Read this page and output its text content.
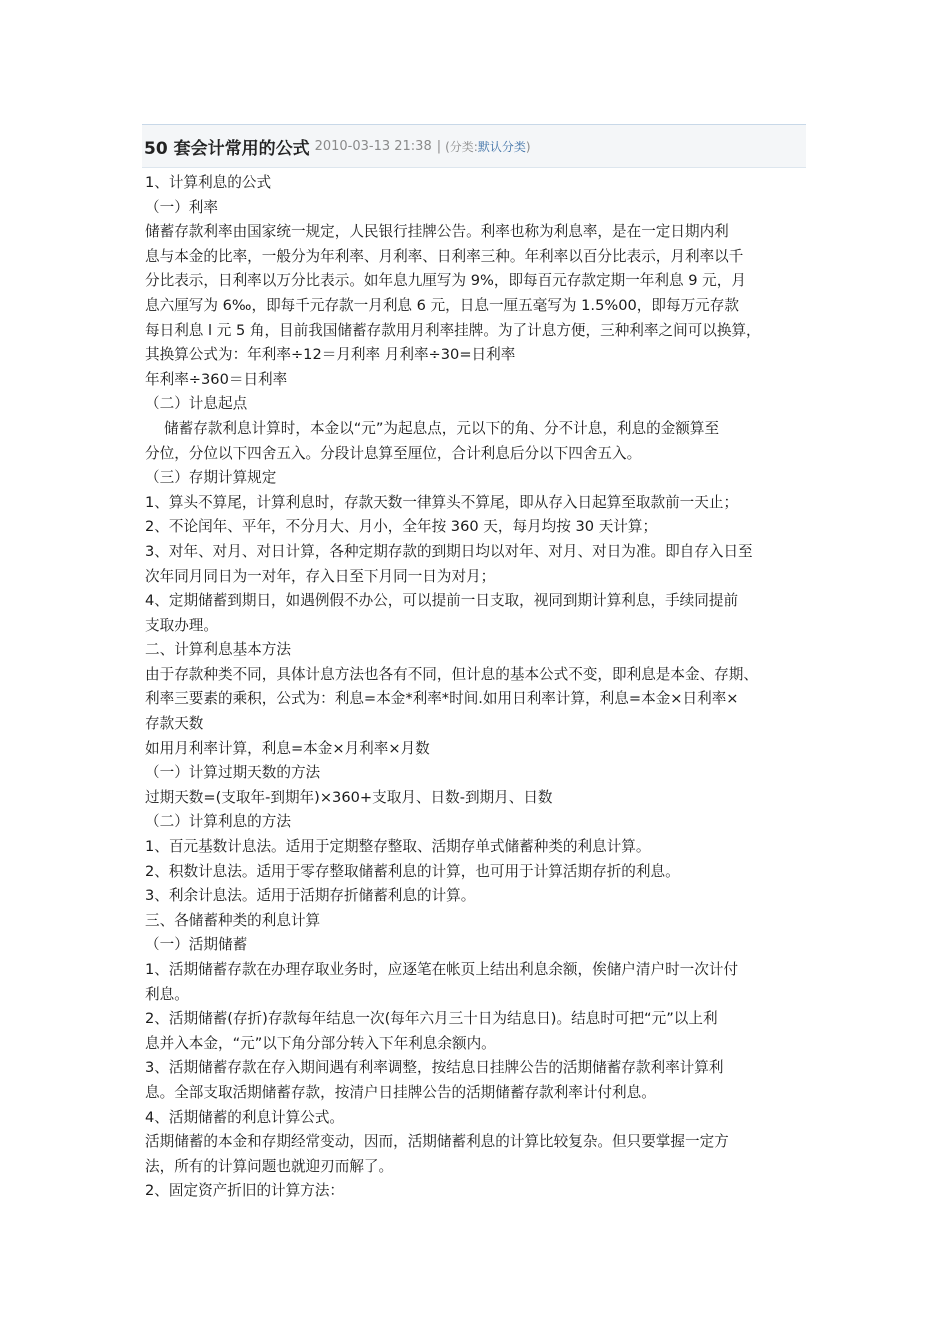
50 套会计常用的公式 2010-03-13 21:38 | (分类:默认分类)
1、计算利息的公式
（一）利率
储蓄存款利率由国家统一规定，人民银行挂牌公告。利率也称为利息率，是在一定日期内利
息与本金的比率，一般分为年利率、月利率、日利率三种。年利率以百分比表示，月利率以千
分比表示，日利率以万分比表示。如年息九厘写为 9%，即每百元存款定期一年利息 9 元，月
息六厘写为 6‰，即每千元存款一月利息 6 元，日息一厘五毫写为 1.5%00，即每万元存款
每日利息 l 元 5 角，目前我国储蓄存款用月利率挂牌。为了计息方便，三种利率之间可以换算，
其换算公式为：年利率÷12＝月利率 月利率÷30=日利率
年利率÷360＝日利率
（二）计息起点
储蓄存款利息计算时，本金以“元”为起息点，元以下的角、分不计息，利息的金额算至
分位，分位以下四舍五入。分段计息算至厘位，合计利息后分以下四舍五入。
（三）存期计算规定
1、算头不算尾，计算利息时，存款天数一律算头不算尾，即从存入日起算至取款前一天止；
2、不论闰年、平年，不分月大、月小，全年按 360 天，每月均按 30 天计算；
3、对年、对月、对日计算，各种定期存款的到期日均以对年、对月、对日为准。即自存入日至
次年同月同日为一对年，存入日至下月同一日为对月；
4、定期储蓄到期日，如遇例假不办公，可以提前一日支取，视同到期计算利息，手续同提前
支取办理。
二、计算利息基本方法
由于存款种类不同，具体计息方法也各有不同，但计息的基本公式不变，即利息是本金、存期、
利率三要素的乘积，公式为：利息=本金*利率*时间.如用日利率计算，利息=本金×日利率×
存款天数
如用月利率计算，利息=本金×月利率×月数
（一）计算过期天数的方法
过期天数=(支取年-到期年)×360+支取月、日数-到期月、日数
（二）计算利息的方法
1、百元基数计息法。适用于定期整存整取、活期存单式储蓄种类的利息计算。
2、积数计息法。适用于零存整取储蓄利息的计算，也可用于计算活期存折的利息。
3、利余计息法。适用于活期存折储蓄利息的计算。
三、各储蓄种类的利息计算
（一）活期储蓄
1、活期储蓄存款在办理存取业务时，应逐笔在帐页上结出利息余额，俟储户清户时一次计付
利息。
2、活期储蓄(存折)存款每年结息一次(每年六月三十日为结息日)。结息时可把“元”以上利
息并入本金，“元”以下角分部分转入下年利息余额内。
3、活期储蓄存款在存入期间遇有利率调整，按结息日挂牌公告的活期储蓄存款利率计算利
息。全部支取活期储蓄存款，按清户日挂牌公告的活期储蓄存款利率计付利息。
4、活期储蓄的利息计算公式。
活期储蓄的本金和存期经常变动，因而，活期储蓄利息的计算比较复杂。但只要掌握一定方
法，所有的计算问题也就迎刃而解了。
2、固定资产折旧的计算方法：
